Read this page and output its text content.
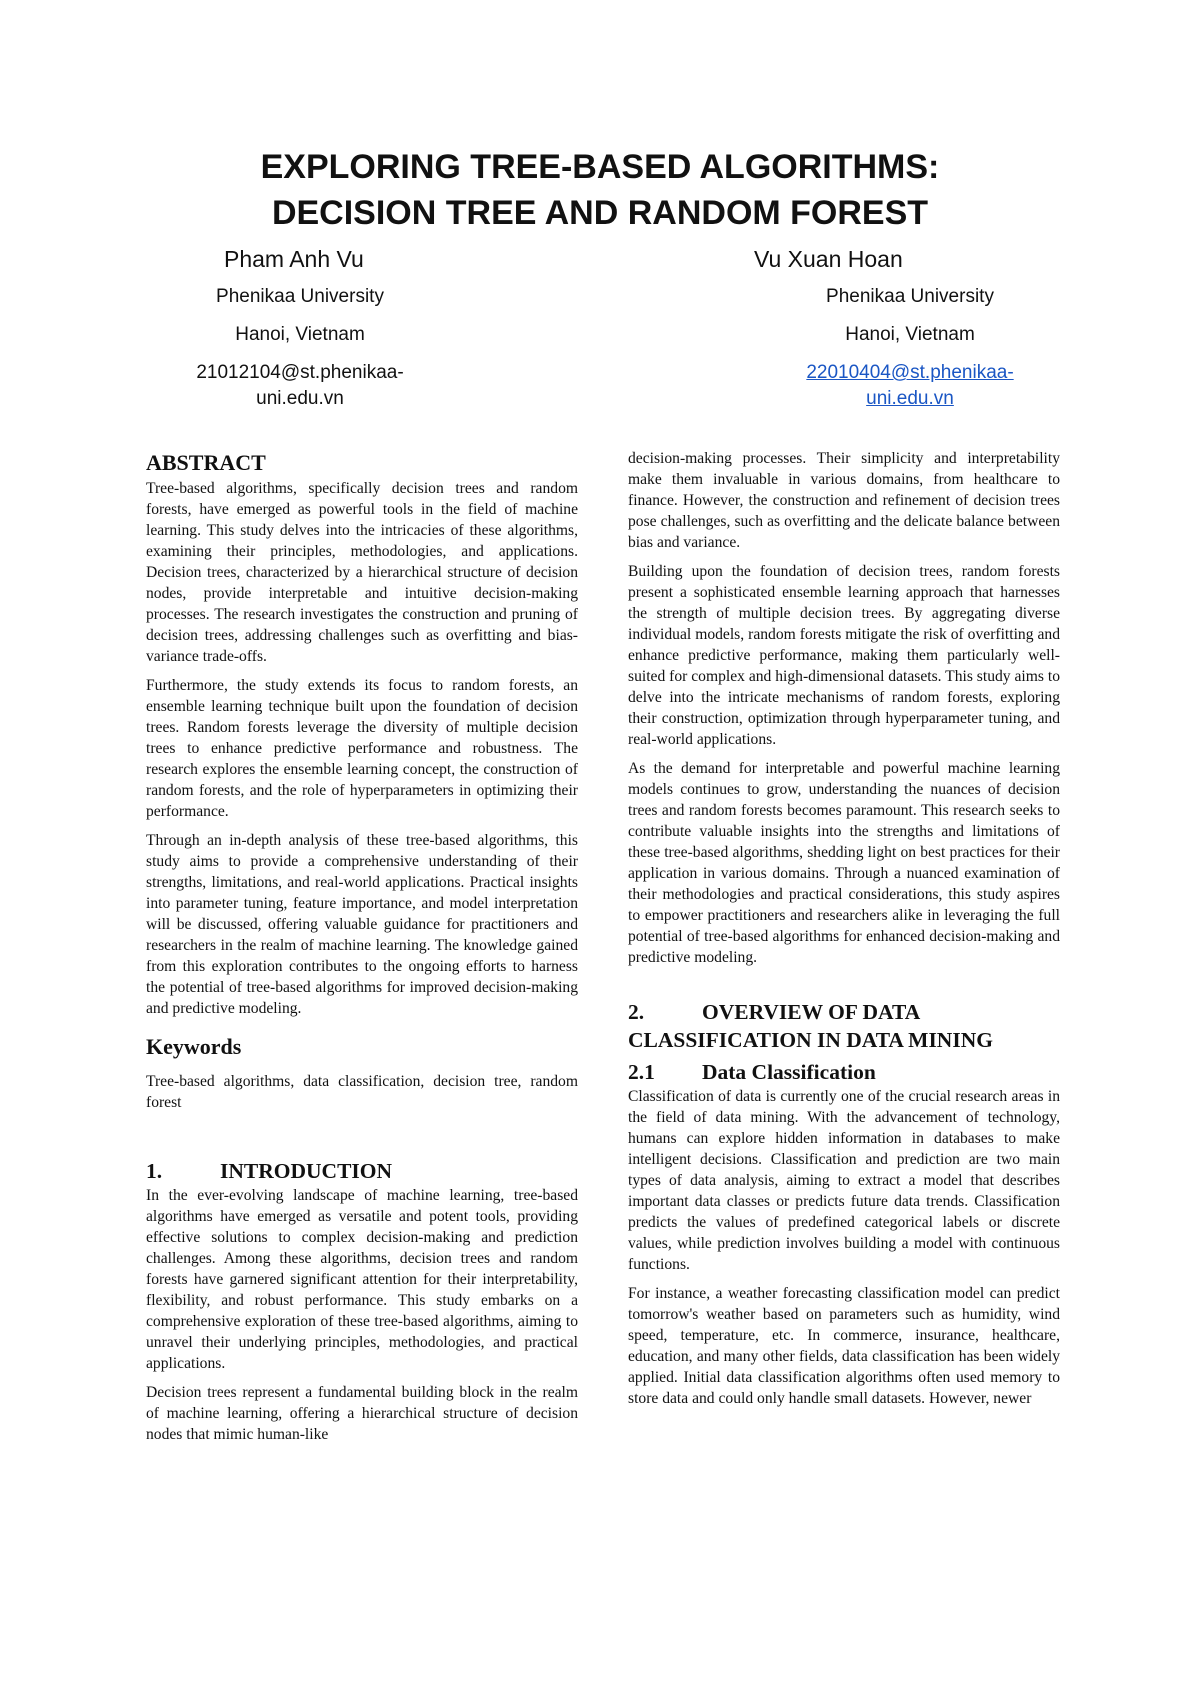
EXPLORING TREE-BASED ALGORITHMS:
DECISION TREE AND RANDOM FOREST
Pham Anh Vu
Phenikaa University
Hanoi, Vietnam
21012104@st.phenikaa-
uni.edu.vn
Vu Xuan Hoan
Phenikaa University
Hanoi, Vietnam
22010404@st.phenikaa-
uni.edu.vn
ABSTRACT

Tree-based algorithms, specifically decision trees and random forests, have emerged as powerful tools in the field of machine learning. This study delves into the intricacies of these algorithms, examining their principles, methodologies, and applications. Decision trees, characterized by a hierarchical structure of decision nodes, provide interpretable and intuitive decision-making processes. The research investigates the construction and pruning of decision trees, addressing challenges such as overfitting and bias-variance trade-offs.

Furthermore, the study extends its focus to random forests, an ensemble learning technique built upon the foundation of decision trees. Random forests leverage the diversity of multiple decision trees to enhance predictive performance and robustness. The research explores the ensemble learning concept, the construction of random forests, and the role of hyperparameters in optimizing their performance.

Through an in-depth analysis of these tree-based algorithms, this study aims to provide a comprehensive understanding of their strengths, limitations, and real-world applications. Practical insights into parameter tuning, feature importance, and model interpretation will be discussed, offering valuable guidance for practitioners and researchers in the realm of machine learning. The knowledge gained from this exploration contributes to the ongoing efforts to harness the potential of tree-based algorithms for improved decision-making and predictive modeling.

Keywords

Tree-based algorithms, data classification, decision tree, random forest

1.	INTRODUCTION

In the ever-evolving landscape of machine learning, tree-based algorithms have emerged as versatile and potent tools, providing effective solutions to complex decision-making and prediction challenges. Among these algorithms, decision trees and random forests have garnered significant attention for their interpretability, flexibility, and robust performance. This study embarks on a comprehensive exploration of these tree-based algorithms, aiming to unravel their underlying principles, methodologies, and practical applications.

Decision trees represent a fundamental building block in the realm of machine learning, offering a hierarchical structure of decision nodes that mimic human-like

decision-making processes. Their simplicity and interpretability make them invaluable in various domains, from healthcare to finance. However, the construction and refinement of decision trees pose challenges, such as overfitting and the delicate balance between bias and variance.

Building upon the foundation of decision trees, random forests present a sophisticated ensemble learning approach that harnesses the strength of multiple decision trees. By aggregating diverse individual models, random forests mitigate the risk of overfitting and enhance predictive performance, making them particularly well-suited for complex and high-dimensional datasets. This study aims to delve into the intricate mechanisms of random forests, exploring their construction, optimization through hyperparameter tuning, and real-world applications.

As the demand for interpretable and powerful machine learning models continues to grow, understanding the nuances of decision trees and random forests becomes paramount. This research seeks to contribute valuable insights into the strengths and limitations of these tree-based algorithms, shedding light on best practices for their application in various domains. Through a nuanced examination of their methodologies and practical considerations, this study aspires to empower practitioners and researchers alike in leveraging the full potential of tree-based algorithms for enhanced decision-making and predictive modeling.

2.	OVERVIEW OF DATA
CLASSIFICATION IN DATA MINING
2.1 Data Classification

Classification of data is currently one of the crucial research areas in the field of data mining. With the advancement of technology, humans can explore hidden information in databases to make intelligent decisions. Classification and prediction are two main types of data analysis, aiming to extract a model that describes important data classes or predicts future data trends. Classification predicts the values of predefined categorical labels or discrete values, while prediction involves building a model with continuous functions.

For instance, a weather forecasting classification model can predict tomorrow's weather based on parameters such as humidity, wind speed, temperature, etc. In commerce, insurance, healthcare, education, and many other fields, data classification has been widely applied. Initial data classification algorithms often used memory to store data and could only handle small datasets. However, newer
